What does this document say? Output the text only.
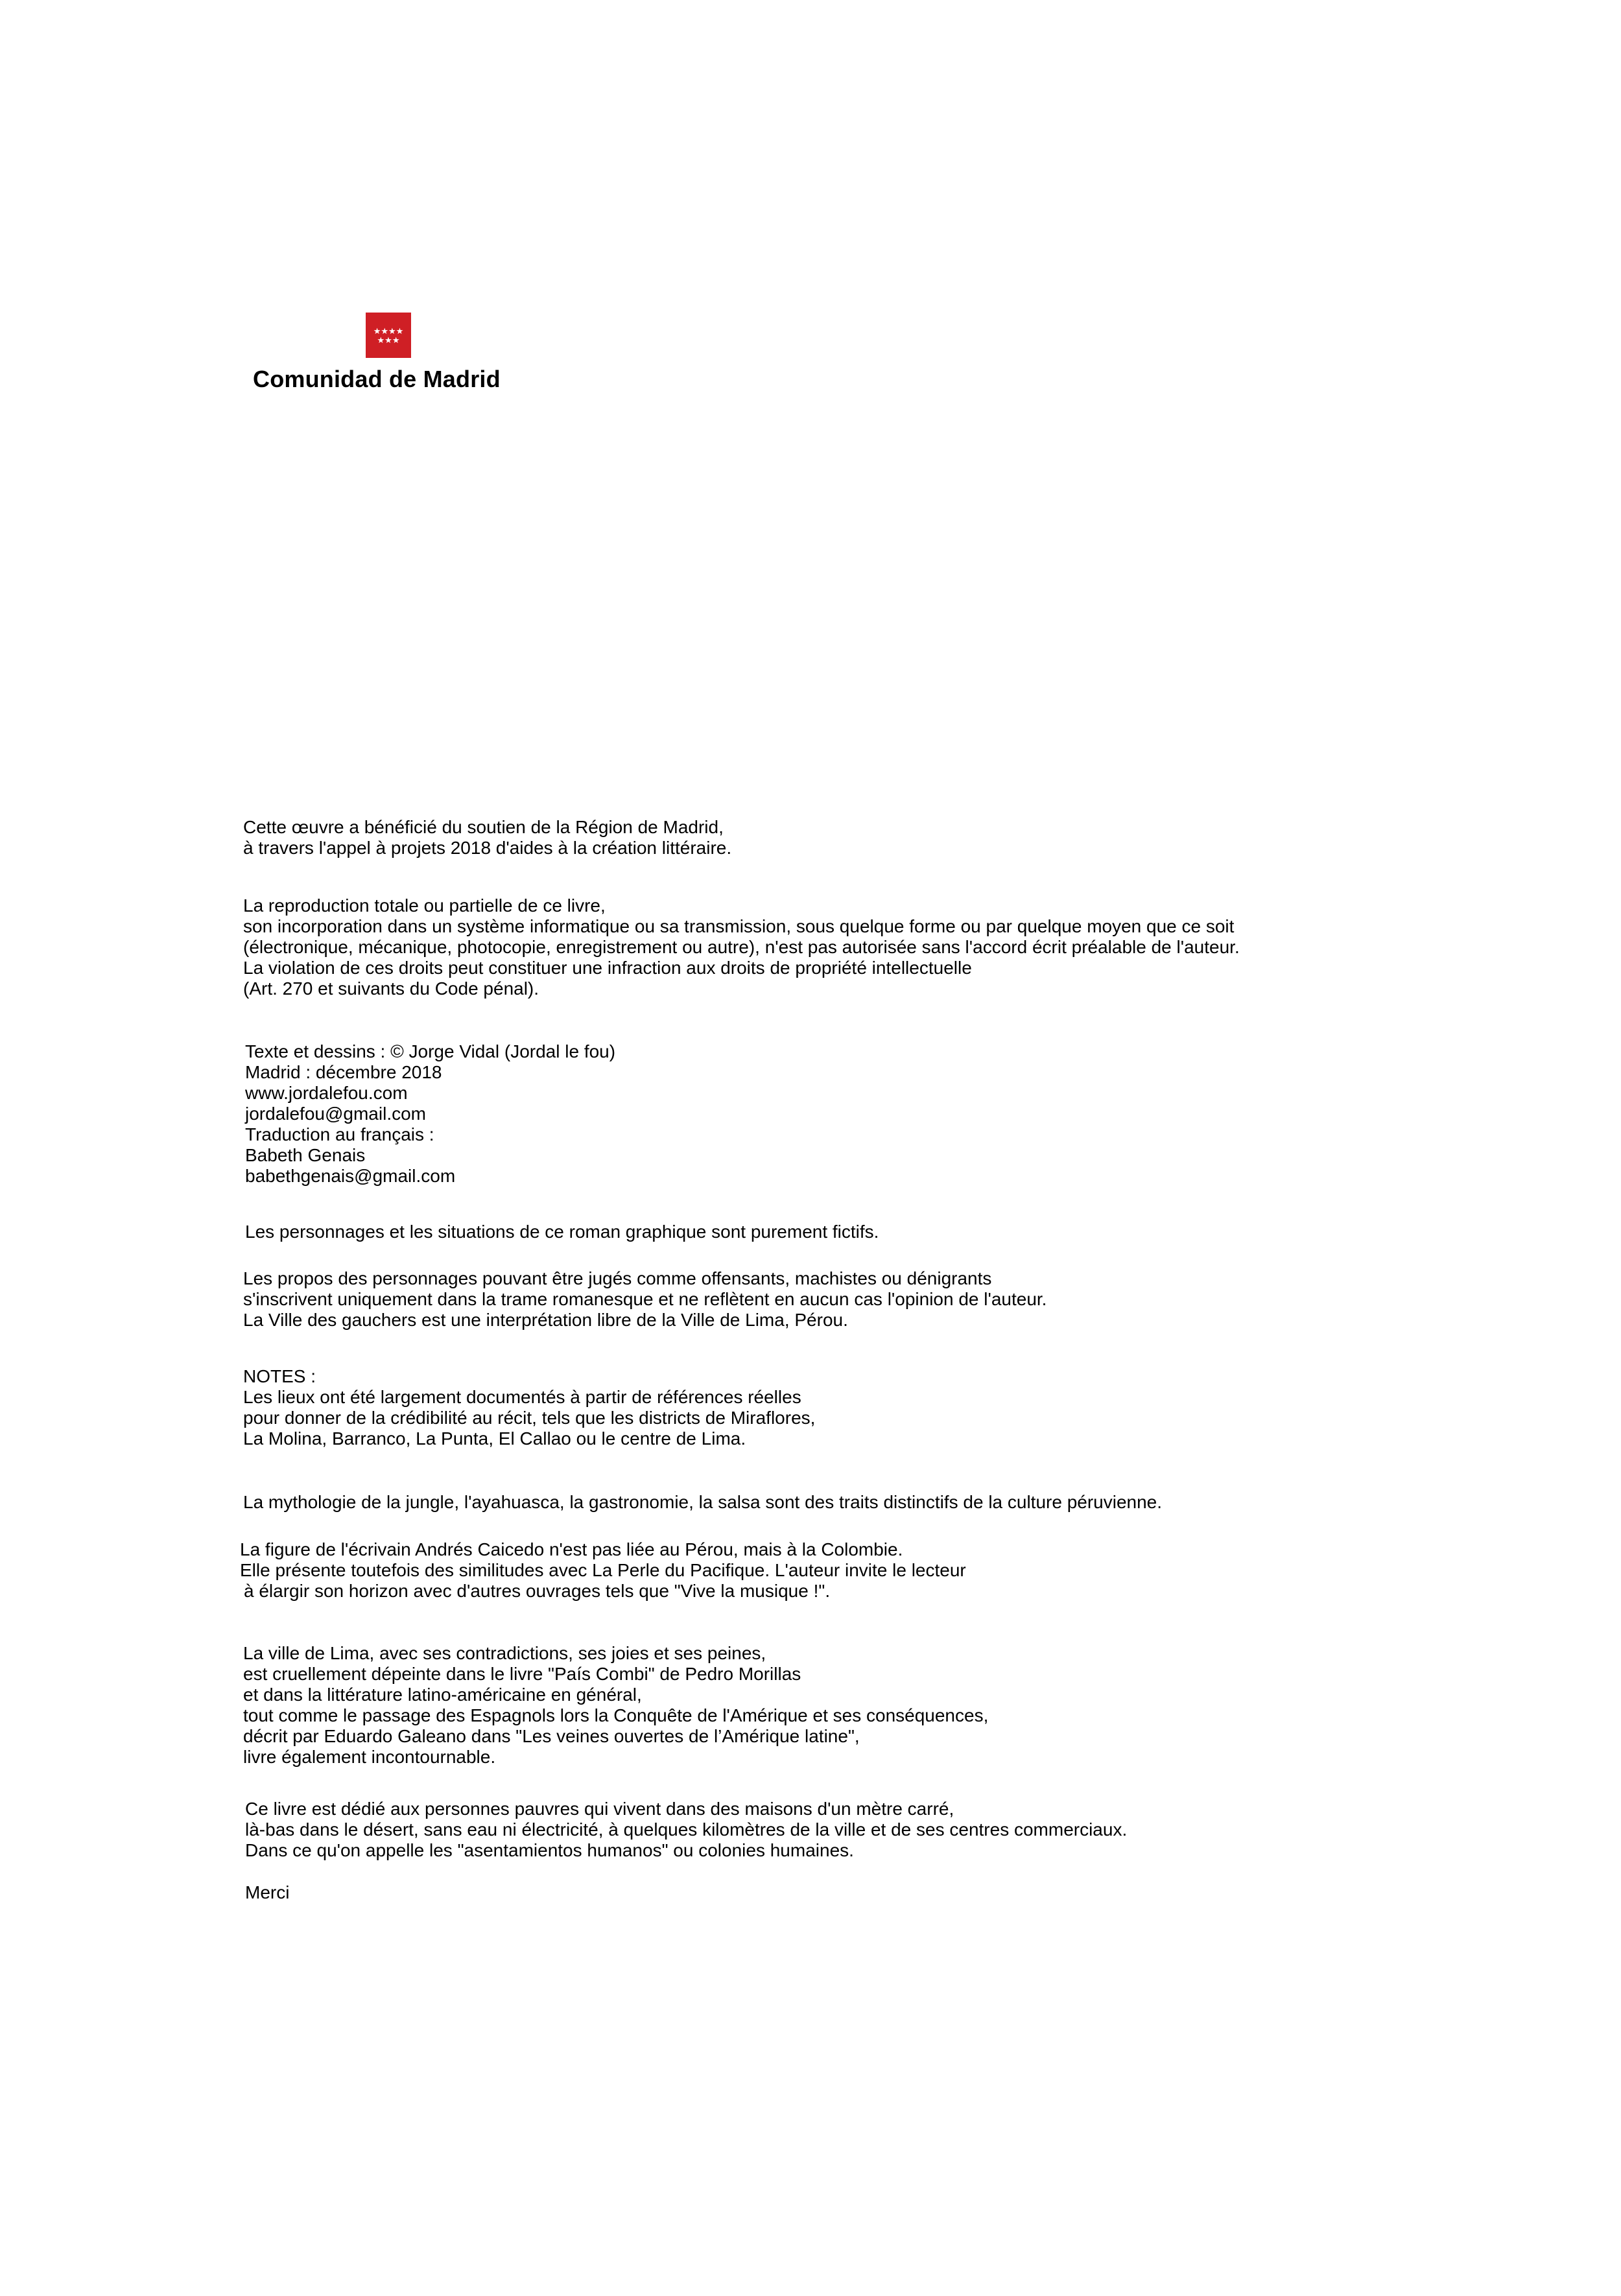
★★★★
★★★
Comunidad de Madrid

Cette œuvre a bénéficié du soutien de la Région de Madrid,
à travers l'appel à projets 2018 d'aides à la création littéraire.

La reproduction totale ou partielle de ce livre,
son incorporation dans un système informatique ou sa transmission, sous quelque forme ou par quelque moyen que ce soit
(électronique, mécanique, photocopie, enregistrement ou autre), n'est pas autorisée sans l'accord écrit préalable de l'auteur.
La violation de ces droits peut constituer une infraction aux droits de propriété intellectuelle
(Art. 270 et suivants du Code pénal).

Texte et dessins : © Jorge Vidal (Jordal le fou)
Madrid : décembre 2018
www.jordalefou.com
jordalefou@gmail.com
Traduction au français :
Babeth Genais
babethgenais@gmail.com

Les personnages et les situations de ce roman graphique sont purement fictifs.

Les propos des personnages pouvant être jugés comme offensants, machistes ou dénigrants
s'inscrivent uniquement dans la trame romanesque et ne reflètent en aucun cas l'opinion de l'auteur.
La Ville des gauchers est une interprétation libre de la Ville de Lima, Pérou.

NOTES :
Les lieux ont été largement documentés à partir de références réelles
pour donner de la crédibilité au récit, tels que les districts de Miraflores,
La Molina, Barranco, La Punta, El Callao ou le centre de Lima.

La mythologie de la jungle, l'ayahuasca, la gastronomie, la salsa sont des traits distinctifs de la culture péruvienne.

La figure de l'écrivain Andrés Caicedo n'est pas liée au Pérou, mais à la Colombie.
Elle présente toutefois des similitudes avec La Perle du Pacifique. L'auteur invite le lecteur
à élargir son horizon avec d'autres ouvrages tels que "Vive la musique !".

La ville de Lima, avec ses contradictions, ses joies et ses peines,
est cruellement dépeinte dans le livre "País Combi" de Pedro Morillas
et dans la littérature latino-américaine en général,
tout comme le passage des Espagnols lors la Conquête de l'Amérique et ses conséquences,
décrit par Eduardo Galeano dans "Les veines ouvertes de l’Amérique latine",
livre également incontournable.

Ce livre est dédié aux personnes pauvres qui vivent dans des maisons d'un mètre carré,
là-bas dans le désert, sans eau ni électricité, à quelques kilomètres de la ville et de ses centres commerciaux.
Dans ce qu'on appelle les "asentamientos humanos" ou colonies humaines.

Merci
